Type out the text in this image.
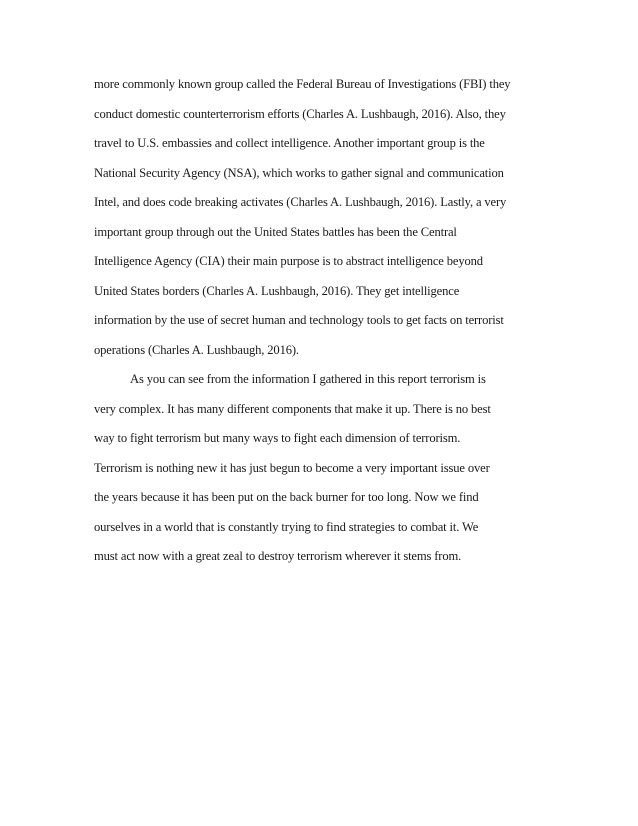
more commonly known group called the Federal Bureau of Investigations (FBI) they
conduct domestic counterterrorism efforts (Charles A. Lushbaugh, 2016). Also, they
travel to U.S. embassies and collect intelligence. Another important group is the
National Security Agency (NSA), which works to gather signal and communication
Intel, and does code breaking activates (Charles A. Lushbaugh, 2016). Lastly, a very
important group through out the United States battles has been the Central
Intelligence Agency (CIA) their main purpose is to abstract intelligence beyond
United States borders (Charles A. Lushbaugh, 2016). They get intelligence
information by the use of secret human and technology tools to get facts on terrorist
operations (Charles A. Lushbaugh, 2016).
As you can see from the information I gathered in this report terrorism is
very complex. It has many different components that make it up. There is no best
way to fight terrorism but many ways to fight each dimension of terrorism.
Terrorism is nothing new it has just begun to become a very important issue over
the years because it has been put on the back burner for too long. Now we find
ourselves in a world that is constantly trying to find strategies to combat it. We
must act now with a great zeal to destroy terrorism wherever it stems from.
